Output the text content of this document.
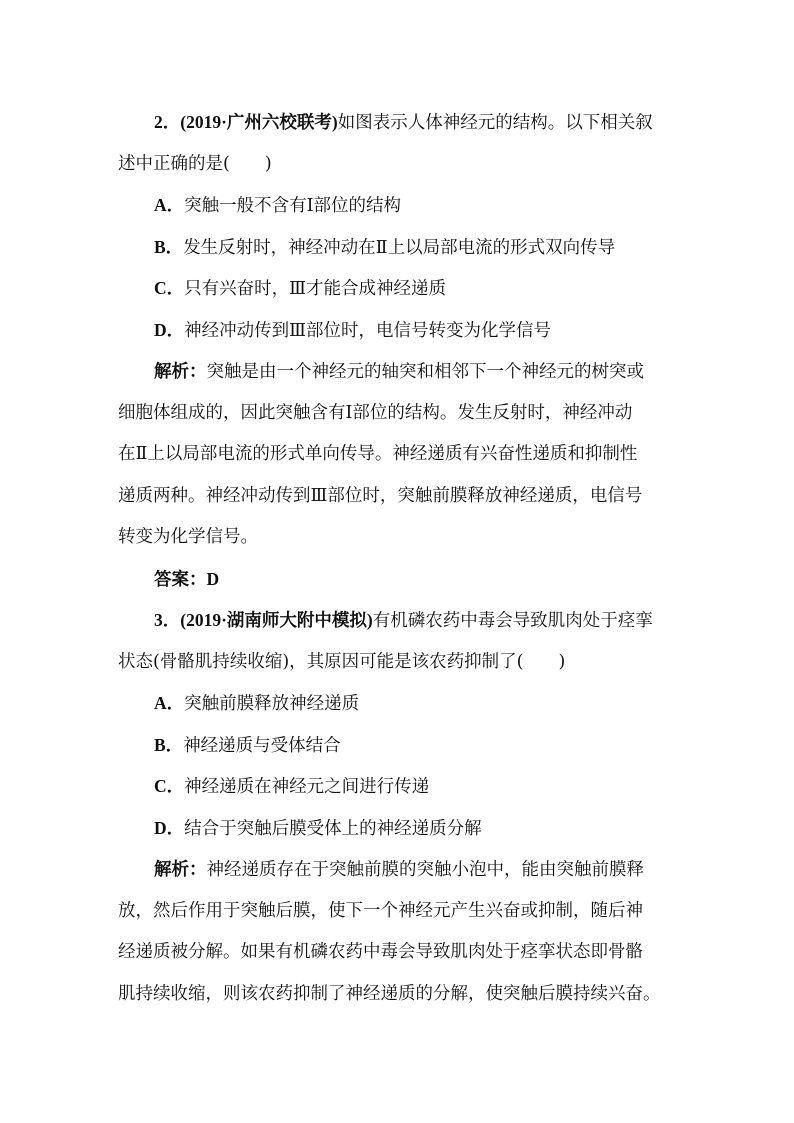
2．(2019·广州六校联考)如图表示人体神经元的结构。以下相关叙
述中正确的是(　　)
A．突触一般不含有Ⅰ部位的结构
B．发生反射时，神经冲动在Ⅱ上以局部电流的形式双向传导
C．只有兴奋时，Ⅲ才能合成神经递质
D．神经冲动传到Ⅲ部位时，电信号转变为化学信号
解析：突触是由一个神经元的轴突和相邻下一个神经元的树突或
细胞体组成的，因此突触含有Ⅰ部位的结构。发生反射时，神经冲动
在Ⅱ上以局部电流的形式单向传导。神经递质有兴奋性递质和抑制性
递质两种。神经冲动传到Ⅲ部位时，突触前膜释放神经递质，电信号
转变为化学信号。
答案：D
3．(2019·湖南师大附中模拟)有机磷农药中毒会导致肌肉处于痉挛
状态(骨骼肌持续收缩)，其原因可能是该农药抑制了(　　)
A．突触前膜释放神经递质
B．神经递质与受体结合
C．神经递质在神经元之间进行传递
D．结合于突触后膜受体上的神经递质分解
解析：神经递质存在于突触前膜的突触小泡中，能由突触前膜释
放，然后作用于突触后膜，使下一个神经元产生兴奋或抑制，随后神
经递质被分解。如果有机磷农药中毒会导致肌肉处于痉挛状态即骨骼
肌持续收缩，则该农药抑制了神经递质的分解，使突触后膜持续兴奋。
